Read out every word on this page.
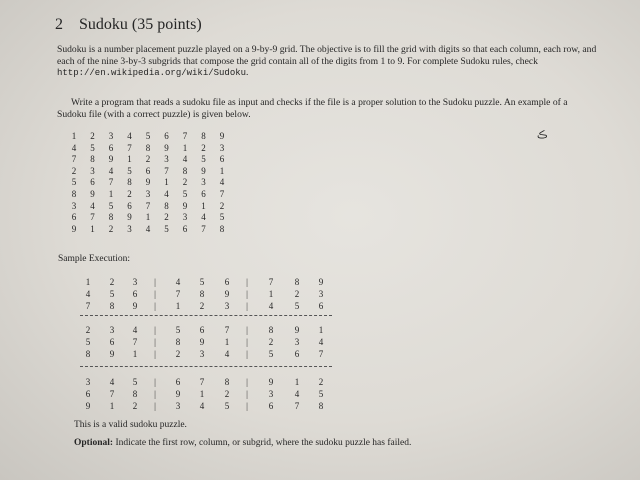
2 Sudoku (35 points)
Sudoku is a number placement puzzle played on a 9-by-9 grid. The objective is to fill the grid with digits so that each column, each row, and each of the nine 3-by-3 subgrids that compose the grid contain all of the digits from 1 to 9. For complete Sudoku rules, check http://en.wikipedia.org/wiki/Sudoku.
Write a program that reads a sudoku file as input and checks if the file is a proper solution to the Sudoku puzzle. An example of a Sudoku file (with a correct puzzle) is given below.
1	2	3	4	5	6	7	8	9
4	5	6	7	8	9	1	2	3
7	8	9	1	2	3	4	5	6
2	3	4	5	6	7	8	9	1
5	6	7	8	9	1	2	3	4
8	9	1	2	3	4	5	6	7
3	4	5	6	7	8	9	1	2
6	7	8	9	1	2	3	4	5
9	1	2	3	4	5	6	7	8
Sample Execution:
1	2	3	4	5	6	7	8	9
|	|
4	5	6	7	8	9	1	2	3
|	|
7	8	9	1	2	3	4	5	6
|	|
2	3	4	5	6	7	8	9	1
|	|
5	6	7	8	9	1	2	3	4
|	|
8	9	1	2	3	4	5	6	7
|	|
3	4	5	6	7	8	9	1	2
|	|
6	7	8	9	1	2	3	4	5
|	|
9	1	2	3	4	5	6	7	8
|	|
This is a valid sudoku puzzle.
Optional: Indicate the first row, column, or subgrid, where the sudoku puzzle has failed.
ڪ
